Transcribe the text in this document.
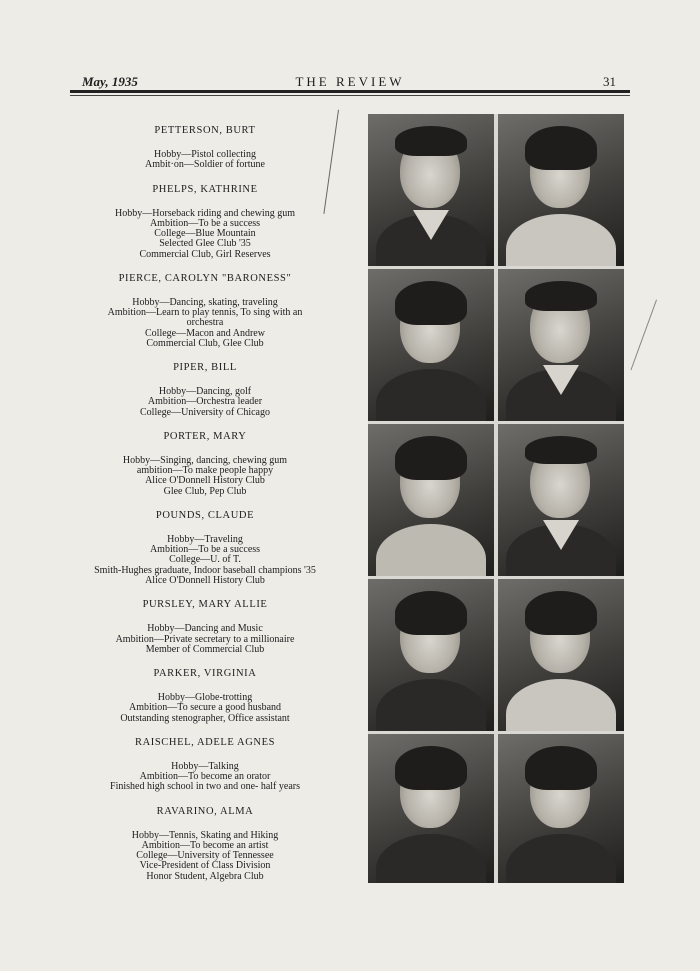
May, 1935	THE REVIEW	31
PETTERSON, BURT
Hobby—Pistol collecting
Ambit·on—Soldier of fortune
PHELPS, KATHRINE
Hobby—Horseback riding and chewing gum
Ambition—To be a success
College—Blue Mountain
Selected Glee Club '35
Commercial Club, Girl Reserves
PIERCE, CAROLYN "BARONESS"
Hobby—Dancing, skating, traveling
Ambition—Learn to play tennis, To sing with an
orchestra
College—Macon and Andrew
Commercial Club, Glee Club
PIPER, BILL
Hobby—Dancing, golf
Ambition—Orchestra leader
College—University of Chicago
PORTER, MARY
Hobby—Singing, dancing, chewing gum
ambition—To make people happy
Alice O'Donnell History Club
Glee Club, Pep Club
POUNDS, CLAUDE
Hobby—Traveling
Ambition—To be a success
College—U. of T.
Smith-Hughes graduate, Indoor baseball champions '35
Alice O'Donnell History Club
PURSLEY, MARY ALLIE
Hobby—Dancing and Music
Ambition—Private secretary to a millionaire
Member of Commercial Club
PARKER, VIRGINIA
Hobby—Globe-trotting
Ambition—To secure a good husband
Outstanding stenographer, Office assistant
RAISCHEL, ADELE AGNES
Hobby—Talking
Ambition—To become an orator
Finished high school in two and one- half years
RAVARINO, ALMA
Hobby—Tennis, Skating and Hiking
Ambition—To become an artist
College—University of Tennessee
Vice-President of Class Division
Honor Student, Algebra Club
